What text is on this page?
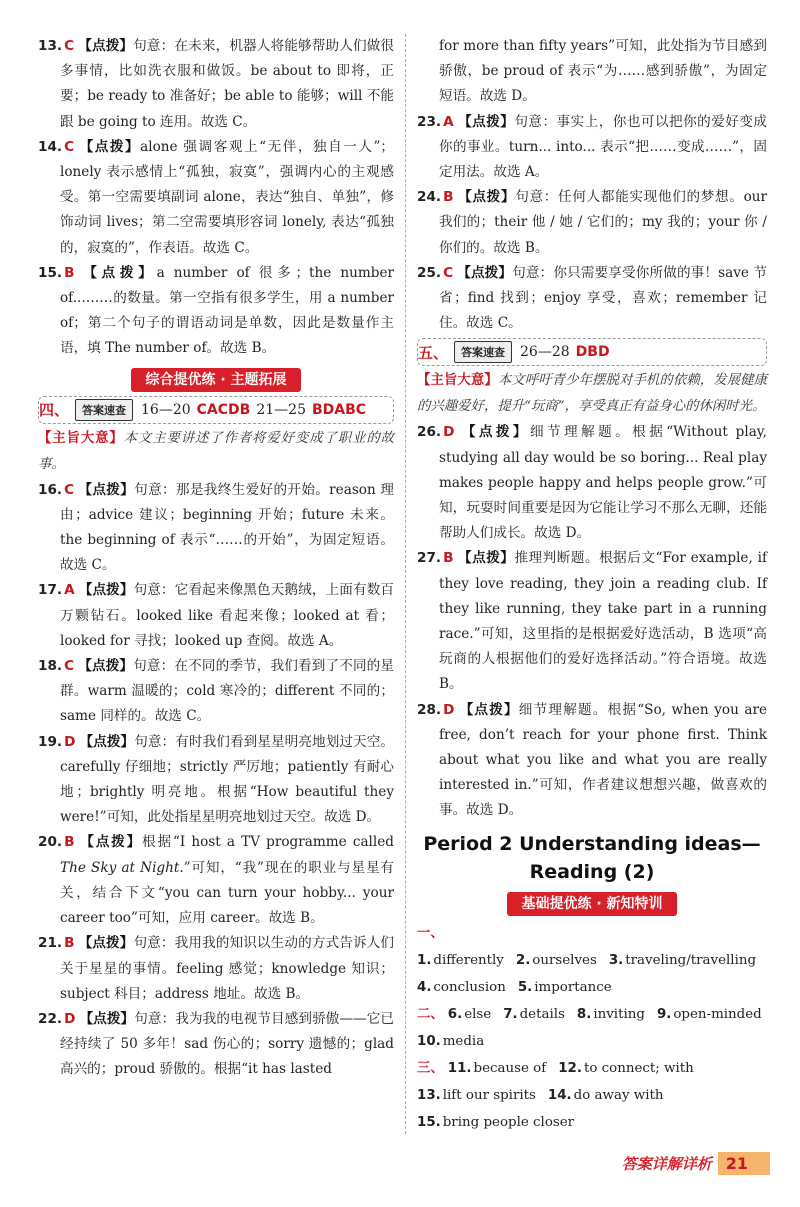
13. C 【点拨】句意：在未来，机器人将能够帮助人们做很多事情，比如洗衣服和做饭。be about to 即将，正要；be ready to 准备好；be able to 能够；will 不能跟 be going to 连用。故选 C。
14. C 【点拨】alone 强调客观上“无伴，独自一人”；lonely 表示感情上“孤独，寂寞”，强调内心的主观感受。第一空需要填副词 alone，表达“独自、单独”，修饰动词 lives；第二空需要填形容词 lonely, 表达“孤独的，寂寞的”，作表语。故选 C。
15. B 【点拨】a number of 很多；the number of...……的数量。第一空指有很多学生，用 a number of；第二个句子的谓语动词是单数，因此是数量作主语，填 The number of。故选 B。
综合提优练 · 主题拓展
四、	答案速查	16—20 CACDB 21—25 BDABC
【主旨大意】本文主要讲述了作者将爱好变成了职业的故事。
16. C 【点拨】句意：那是我终生爱好的开始。reason 理由；advice 建议；beginning 开始；future 未来。the beginning of 表示“……的开始”，为固定短语。故选 C。
17. A 【点拨】句意：它看起来像黑色天鹅绒，上面有数百万颗钻石。looked like 看起来像；looked at 看；looked for 寻找；looked up 查阅。故选 A。
18. C 【点拨】句意：在不同的季节，我们看到了不同的星群。warm 温暖的；cold 寒冷的；different 不同的；same 同样的。故选 C。
19. D 【点拨】句意：有时我们看到星星明亮地划过天空。carefully 仔细地；strictly 严厉地；patiently 有耐心地；brightly 明亮地。根据“How beautiful they were!”可知，此处指星星明亮地划过天空。故选 D。
20. B 【点拨】根据“I host a TV programme called The Sky at Night.”可知，“我”现在的职业与星星有关，结合下文“you can turn your hobby... your career too”可知，应用 career。故选 B。
21. B 【点拨】句意：我用我的知识以生动的方式告诉人们关于星星的事情。feeling 感觉；knowledge 知识；subject 科目；address 地址。故选 B。
22. D 【点拨】句意：我为我的电视节目感到骄傲——它已经持续了 50 多年！sad 伤心的；sorry 遗憾的；glad 高兴的；proud 骄傲的。根据“it has lasted
for more than fifty years”可知，此处指为节目感到骄傲，be proud of 表示“为……感到骄傲”，为固定短语。故选 D。
23. A 【点拨】句意：事实上，你也可以把你的爱好变成你的事业。turn... into... 表示“把……变成……”，固定用法。故选 A。
24. B 【点拨】句意：任何人都能实现他们的梦想。our 我们的；their 他 / 她 / 它们的；my 我的；your 你 / 你们的。故选 B。
25. C 【点拨】句意：你只需要享受你所做的事！save 节省；find 找到；enjoy 享受，喜欢；remember 记住。故选 C。
五、	答案速查	26—28 DBD
【主旨大意】本文呼吁青少年摆脱对手机的依赖，发展健康的兴趣爱好，提升“玩商”，享受真正有益身心的休闲时光。
26. D 【点拨】细节理解题。根据“Without play, studying all day would be so boring... Real play makes people happy and helps people grow.”可知，玩耍时间重要是因为它能让学习不那么无聊，还能帮助人们成长。故选 D。
27. B 【点拨】推理判断题。根据后文“For example, if they love reading, they join a reading club. If they like running, they take part in a running race.”可知，这里指的是根据爱好选活动，B 选项“高玩商的人根据他们的爱好选择活动。”符合语境。故选 B。
28. D 【点拨】细节理解题。根据“So, when you are free, don’t reach for your phone first. Think about what you like and what you are really interested in.”可知，作者建议想想兴趣，做喜欢的事。故选 D。
Period 2 Understanding ideas—
Reading (2)
基础提优练 · 新知特训
一、1. differently 2. ourselves 3. traveling/travelling
4. conclusion 5. importance
二、 6. else 7. details 8. inviting 9. open-minded
10. media
三、 11. because of 12. to connect; with
13. lift our spirits 14. do away with
15. bring people closer
答案详解详析 21
